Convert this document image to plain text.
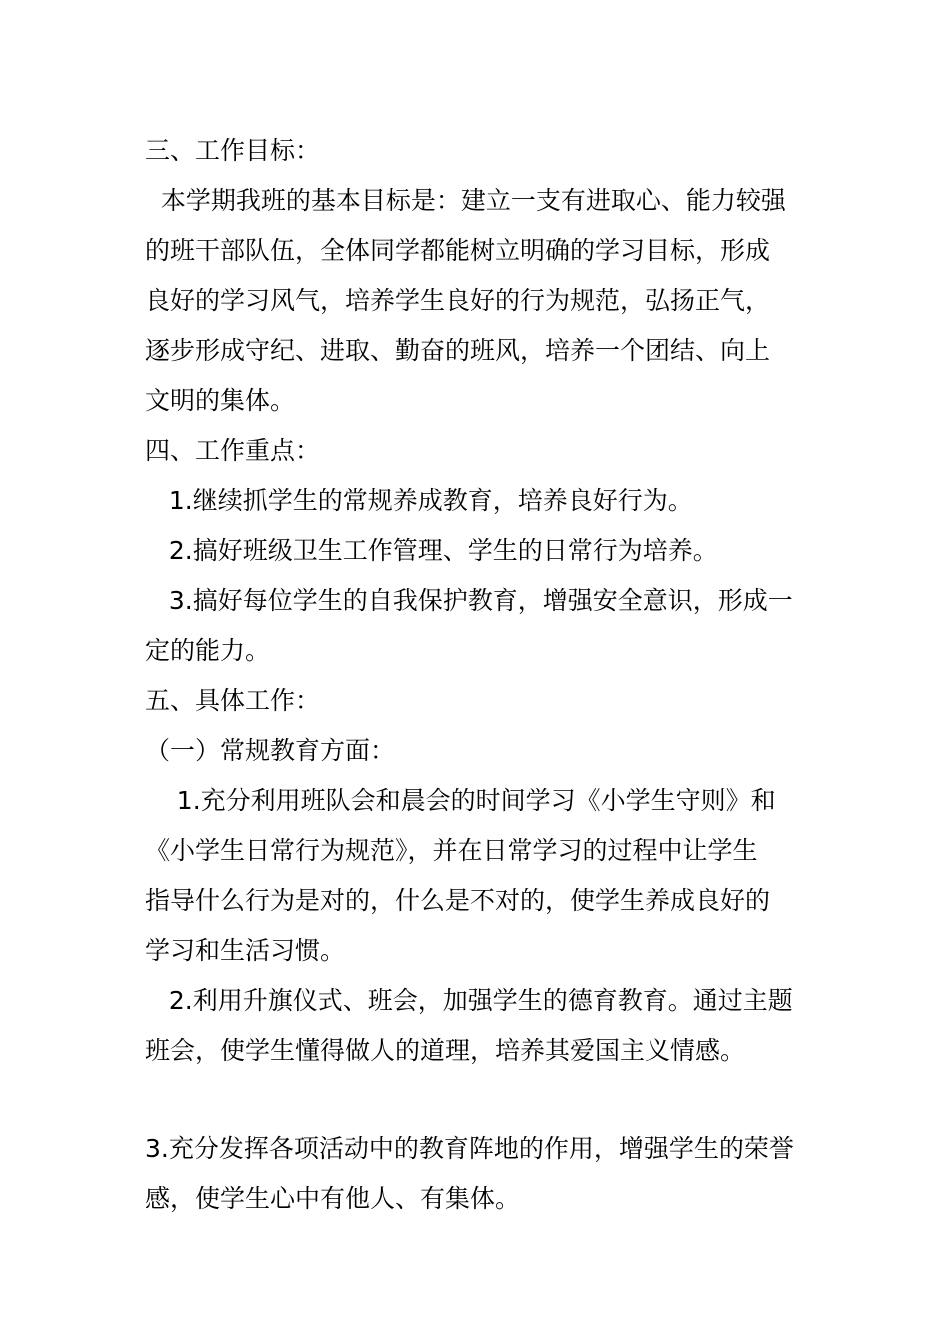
三、工作目标：
本学期我班的基本目标是：建立一支有进取心、能力较强
的班干部队伍，全体同学都能树立明确的学习目标，形成
良好的学习风气，培养学生良好的行为规范，弘扬正气，
逐步形成守纪、进取、勤奋的班风，培养一个团结、向上
文明的集体。
四、工作重点：
1.继续抓学生的常规养成教育，培养良好行为。
2.搞好班级卫生工作管理、学生的日常行为培养。
3.搞好每位学生的自我保护教育，增强安全意识，形成一
定的能力。
五、具体工作：
（一）常规教育方面：
1.充分利用班队会和晨会的时间学习《小学生守则》和
《小学生日常行为规范》，并在日常学习的过程中让学生
指导什么行为是对的，什么是不对的，使学生养成良好的
学习和生活习惯。
2.利用升旗仪式、班会，加强学生的德育教育。通过主题
班会，使学生懂得做人的道理，培养其爱国主义情感。
3.充分发挥各项活动中的教育阵地的作用，增强学生的荣誉
感，使学生心中有他人、有集体。
